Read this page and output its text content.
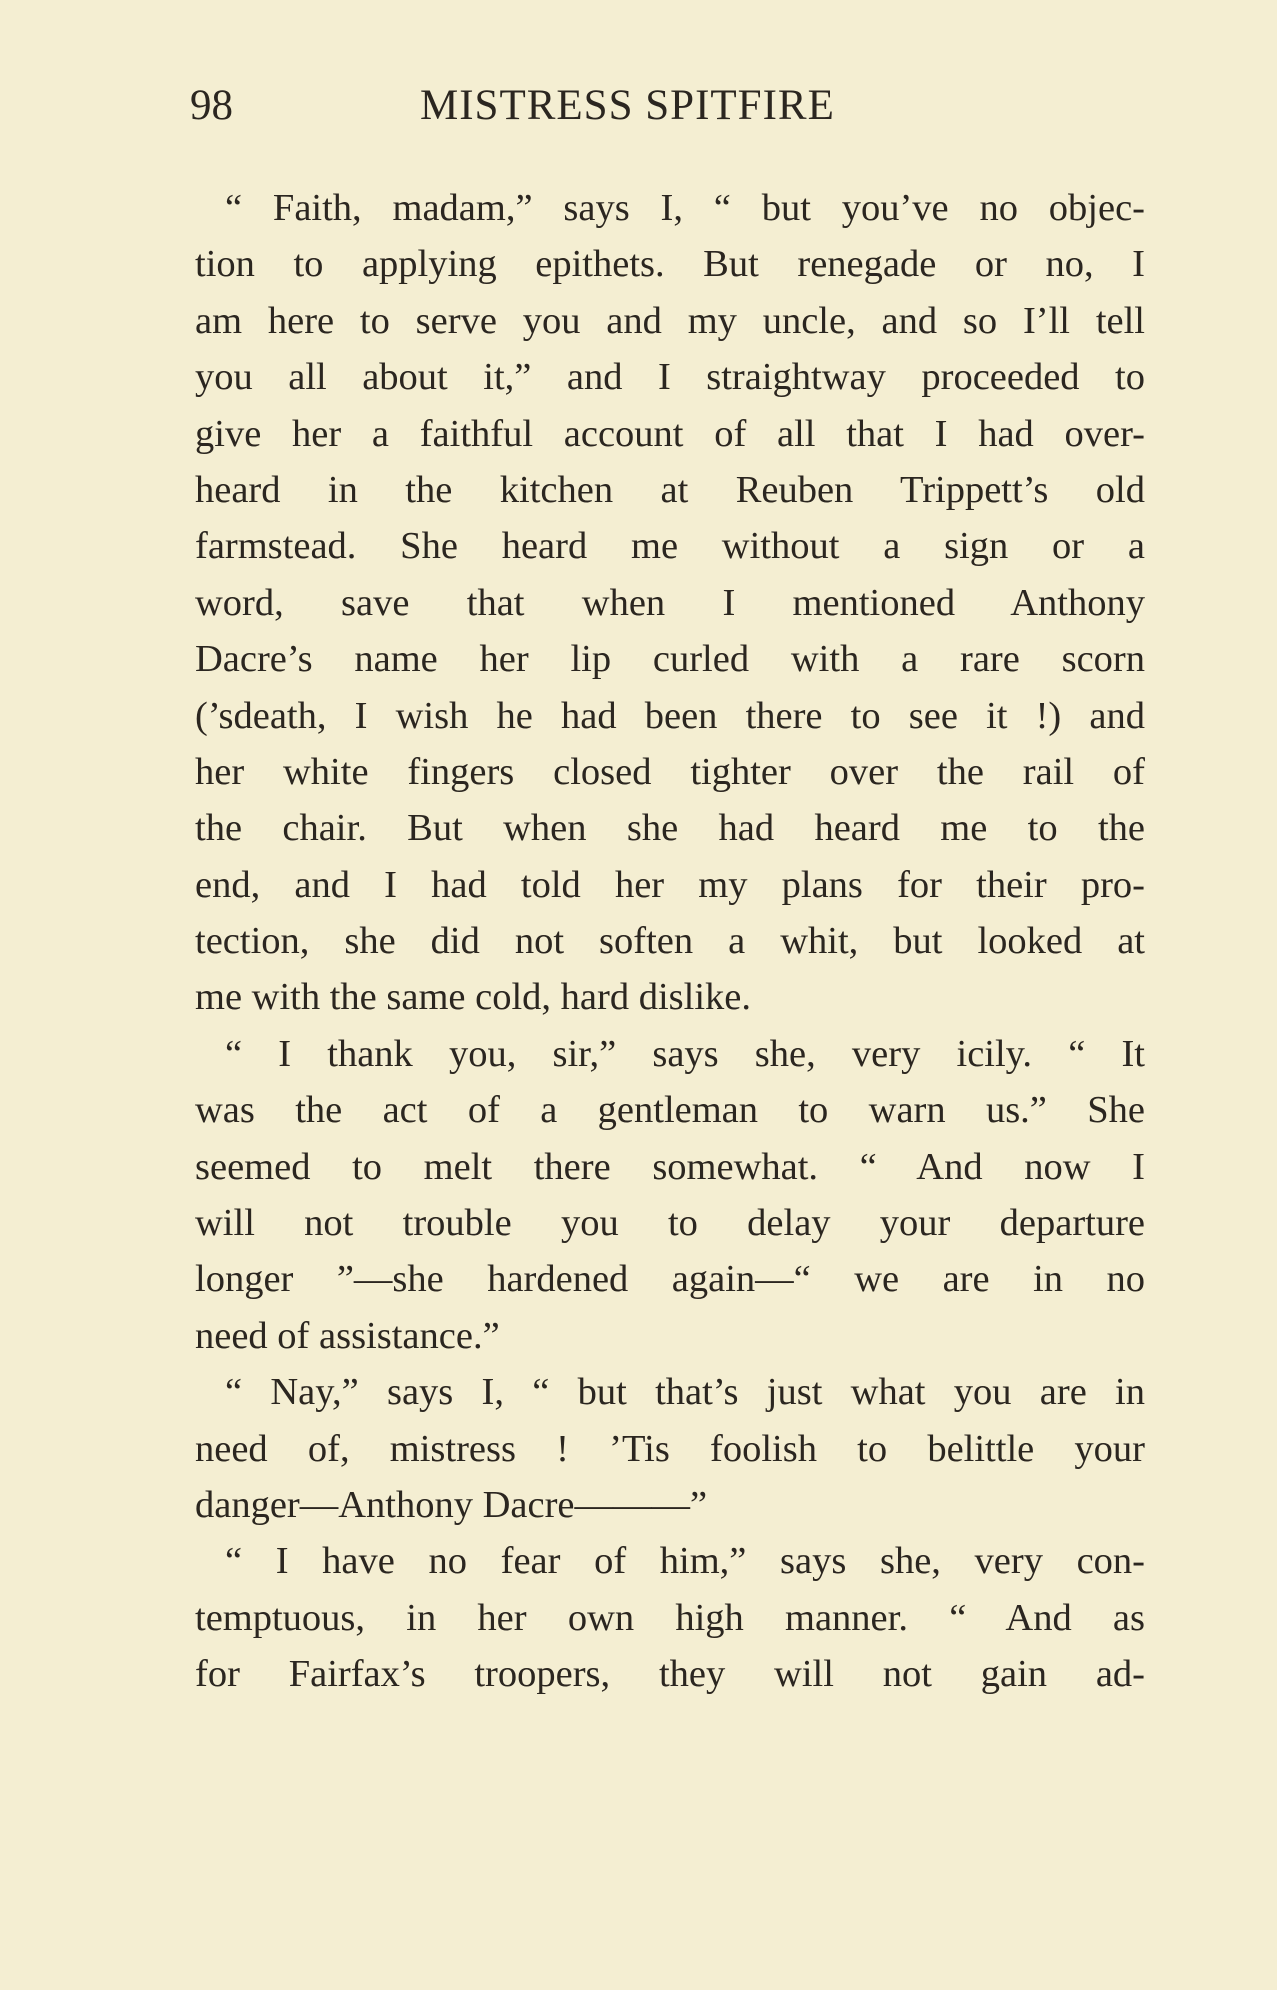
98	MISTRESS SPITFIRE
“ Faith, madam,” says I, “ but you’ve no objec-
tion to applying epithets. But renegade or no, I
am here to serve you and my uncle, and so I’ll tell
you all about it,” and I straightway proceeded to
give her a faithful account of all that I had over-
heard in the kitchen at Reuben Trippett’s old
farmstead. She heard me without a sign or a
word, save that when I mentioned Anthony
Dacre’s name her lip curled with a rare scorn
(’sdeath, I wish he had been there to see it !) and
her white fingers closed tighter over the rail of
the chair. But when she had heard me to the
end, and I had told her my plans for their pro-
tection, she did not soften a whit, but looked at
me with the same cold, hard dislike.
“ I thank you, sir,” says she, very icily. “ It
was the act of a gentleman to warn us.” She
seemed to melt there somewhat. “ And now I
will not trouble you to delay your departure
longer ”—she hardened again—“ we are in no
need of assistance.”
“ Nay,” says I, “ but that’s just what you are in
need of, mistress ! ’Tis foolish to belittle your
danger—Anthony Dacre———”
“ I have no fear of him,” says she, very con-
temptuous, in her own high manner. “ And as
for Fairfax’s troopers, they will not gain ad-
